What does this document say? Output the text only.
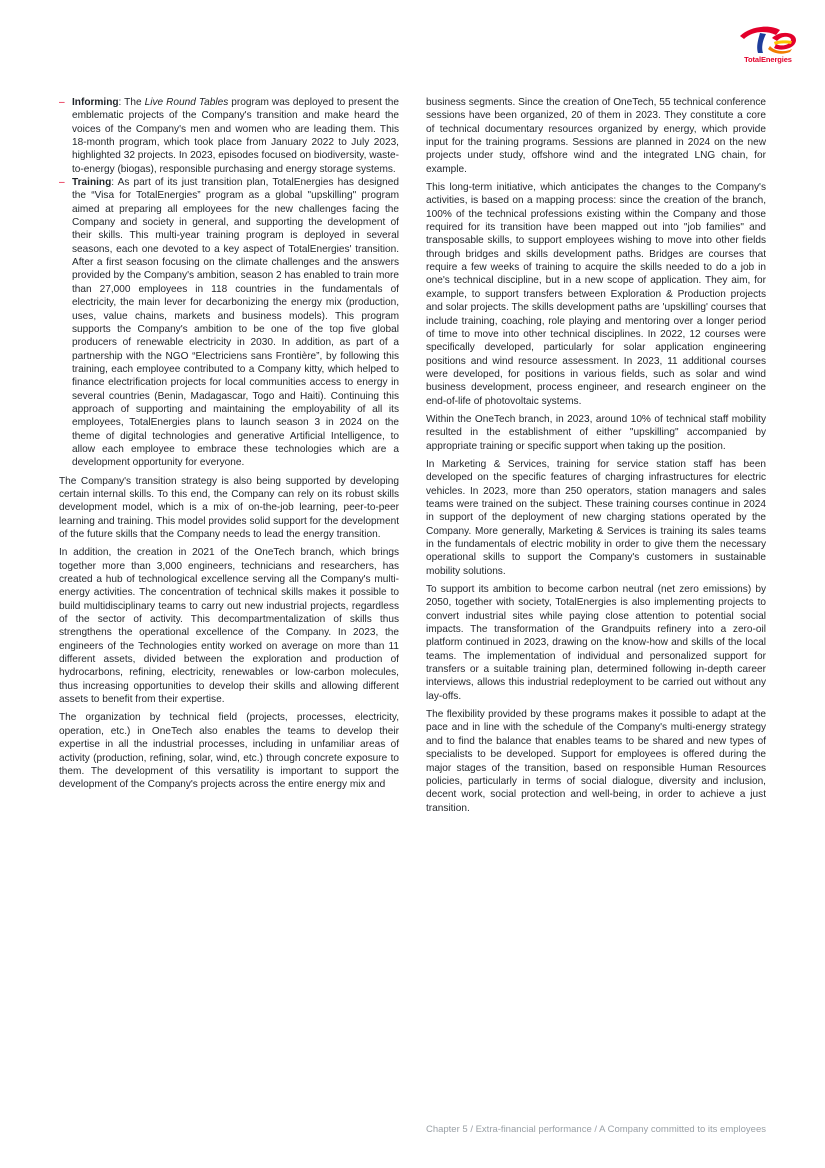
TotalEnergies
– Informing: The Live Round Tables program was deployed to present the emblematic projects of the Company's transition and make heard the voices of the Company's men and women who are leading them. This 18-month program, which took place from January 2022 to July 2023, highlighted 32 projects. In 2023, episodes focused on biodiversity, waste-to-energy (biogas), responsible purchasing and energy storage systems.
– Training: As part of its just transition plan, TotalEnergies has designed the “Visa for TotalEnergies” program as a global "upskilling" program aimed at preparing all employees for the new challenges facing the Company and society in general, and supporting the development of their skills. This multi-year training program is deployed in several seasons, each one devoted to a key aspect of TotalEnergies' transition. After a first season focusing on the climate challenges and the answers provided by the Company's ambition, season 2 has enabled to train more than 27,000 employees in 118 countries in the fundamentals of electricity, the main lever for decarbonizing the energy mix (production, uses, value chains, markets and business models). This program supports the Company's ambition to be one of the top five global producers of renewable electricity in 2030. In addition, as part of a partnership with the NGO “Electriciens sans Frontière”, by following this training, each employee contributed to a Company kitty, which helped to finance electrification projects for local communities access to energy in several countries (Benin, Madagascar, Togo and Haiti). Continuing this approach of supporting and maintaining the employability of all its employees, TotalEnergies plans to launch season 3 in 2024 on the theme of digital technologies and generative Artificial Intelligence, to allow each employee to embrace these technologies which are a development opportunity for everyone.

The Company's transition strategy is also being supported by developing certain internal skills. To this end, the Company can rely on its robust skills development model, which is a mix of on-the-job learning, peer-to-peer learning and training. This model provides solid support for the development of the future skills that the Company needs to lead the energy transition.

In addition, the creation in 2021 of the OneTech branch, which brings together more than 3,000 engineers, technicians and researchers, has created a hub of technological excellence serving all the Company's multi-energy activities. The concentration of technical skills makes it possible to build multidisciplinary teams to carry out new industrial projects, regardless of the sector of activity. This decompartmentalization of skills thus strengthens the operational excellence of the Company. In 2023, the engineers of the Technologies entity worked on average on more than 11 different assets, divided between the exploration and production of hydrocarbons, refining, electricity, renewables or low-carbon molecules, thus increasing opportunities to develop their skills and allowing different assets to benefit from their expertise.

The organization by technical field (projects, processes, electricity, operation, etc.) in OneTech also enables the teams to develop their expertise in all the industrial processes, including in unfamiliar areas of activity (production, refining, solar, wind, etc.) through concrete exposure to them. The development of this versatility is important to support the development of the Company's projects across the entire energy mix and

business segments. Since the creation of OneTech, 55 technical conference sessions have been organized, 20 of them in 2023. They constitute a core of technical documentary resources organized by energy, which provide input for the training programs. Sessions are planned in 2024 on the new projects under study, offshore wind and the integrated LNG chain, for example.

This long-term initiative, which anticipates the changes to the Company's activities, is based on a mapping process: since the creation of the branch, 100% of the technical professions existing within the Company and those required for its transition have been mapped out into "job families" and transposable skills, to support employees wishing to move into other fields through bridges and skills development paths. Bridges are courses that require a few weeks of training to acquire the skills needed to do a job in one's technical discipline, but in a new scope of application. They aim, for example, to support transfers between Exploration & Production projects and solar projects. The skills development paths are 'upskilling' courses that include training, coaching, role playing and mentoring over a longer period of time to move into other technical disciplines. In 2022, 12 courses were specifically developed, particularly for solar application engineering positions and wind resource assessment. In 2023, 11 additional courses were developed, for positions in various fields, such as solar and wind business development, process engineer, and research engineer on the end-of-life of photovoltaic systems.

Within the OneTech branch, in 2023, around 10% of technical staff mobility resulted in the establishment of either "upskilling" accompanied by appropriate training or specific support when taking up the position.

In Marketing & Services, training for service station staff has been developed on the specific features of charging infrastructures for electric vehicles. In 2023, more than 250 operators, station managers and sales teams were trained on the subject. These training courses continue in 2024 in support of the deployment of new charging stations operated by the Company. More generally, Marketing & Services is training its sales teams in the fundamentals of electric mobility in order to give them the necessary operational skills to support the Company's customers in sustainable mobility solutions.

To support its ambition to become carbon neutral (net zero emissions) by 2050, together with society, TotalEnergies is also implementing projects to convert industrial sites while paying close attention to potential social impacts. The transformation of the Grandpuits refinery into a zero-oil platform continued in 2023, drawing on the know-how and skills of the local teams. The implementation of individual and personalized support for transfers or a suitable training plan, determined following in-depth career interviews, allows this industrial redeployment to be carried out without any lay-offs.

The flexibility provided by these programs makes it possible to adapt at the pace and in line with the schedule of the Company's multi-energy strategy and to find the balance that enables teams to be shared and new types of specialists to be developed. Support for employees is offered during the major stages of the transition, based on responsible Human Resources policies, particularly in terms of social dialogue, diversity and inclusion, decent work, social protection and well-being, in order to achieve a just transition.

Chapter 5 / Extra-financial performance / A Company committed to its employees
